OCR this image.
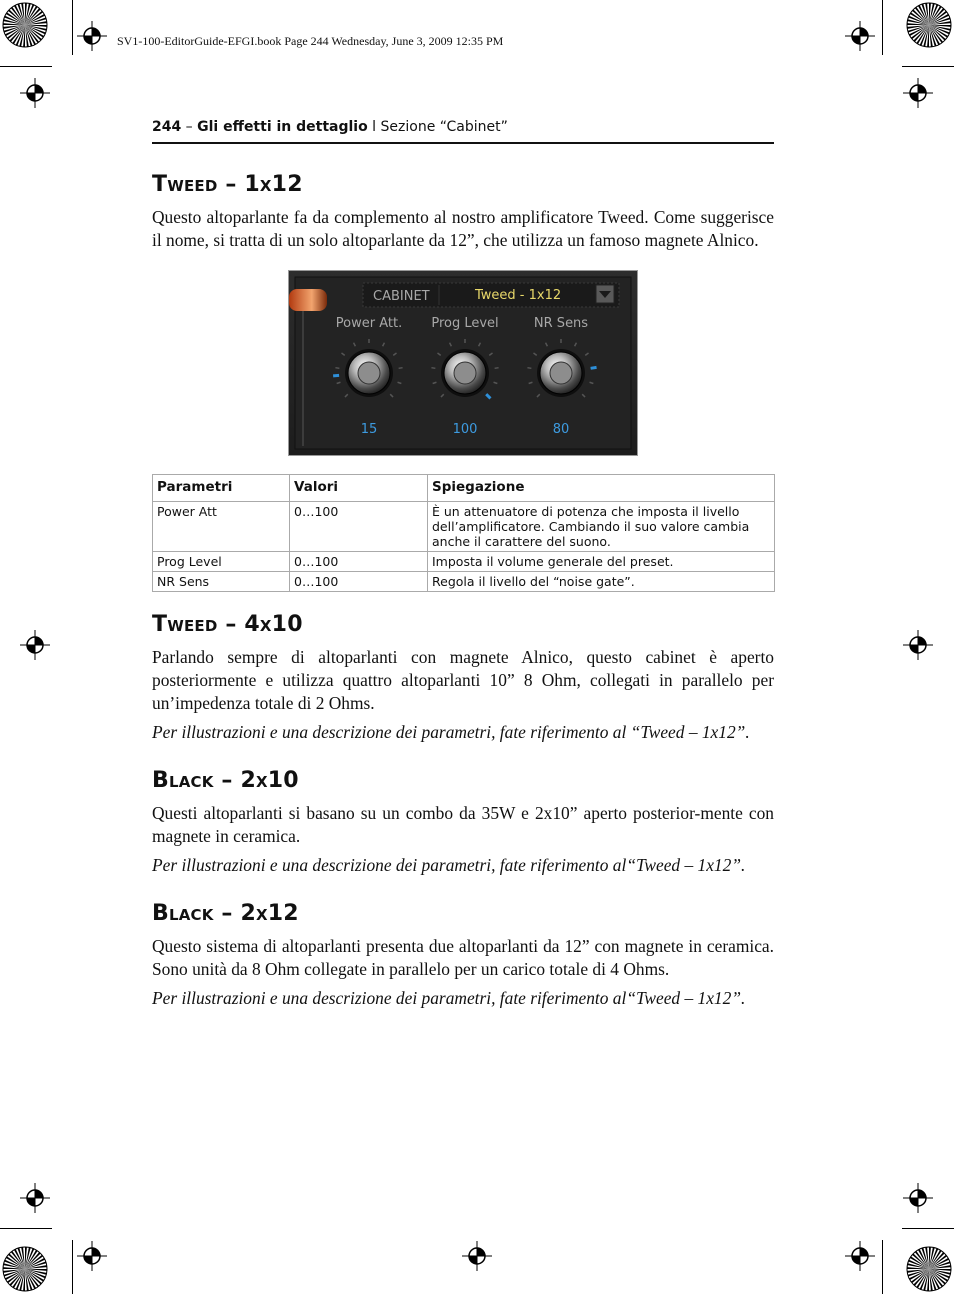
SV1-100-EditorGuide-EFGI.book Page 244 Wednesday, June 3, 2009 12:35 PM
244 – Gli effetti in dettaglio l Sezione “Cabinet”
Tweed – 1x12

Questo altoparlante fa da complemento al nostro amplificatore Tweed. Come suggerisce il nome, si tratta di un solo altoparlante da 12”, che utilizza un famoso magnete Alnico.

CABINET	Tweed - 1x12
Power Att.
15
Prog Level
100
NR Sens
80
Parametri	Valori	Spiegazione
Power Att	0…100	È un attenuatore di potenza che imposta il livello dell’amplificatore. Cambiando il suo valore cambia anche il carattere del suono.
Prog Level	0…100	Imposta il volume generale del preset.
NR Sens	0…100	Regola il livello del “noise gate”.
Tweed – 4x10

Parlando sempre di altoparlanti con magnete Alnico, questo cabinet è aperto posteriormente e utilizza quattro altoparlanti 10” 8 Ohm, collegati in parallelo per un’impedenza totale di 2 Ohms.

Per illustrazioni e una descrizione dei parametri, fate riferimento al “Tweed – 1x12”.

Black – 2x10

Questi altoparlanti si basano su un combo da 35W e 2x10” aperto posterior-mente con magnete in ceramica.

Per illustrazioni e una descrizione dei parametri, fate riferimento al“Tweed – 1x12”.

Black – 2x12

Questo sistema di altoparlanti presenta due altoparlanti da 12” con magnete in ceramica. Sono unità da 8 Ohm collegate in parallelo per un carico totale di 4 Ohms.

Per illustrazioni e una descrizione dei parametri, fate riferimento al“Tweed – 1x12”.
